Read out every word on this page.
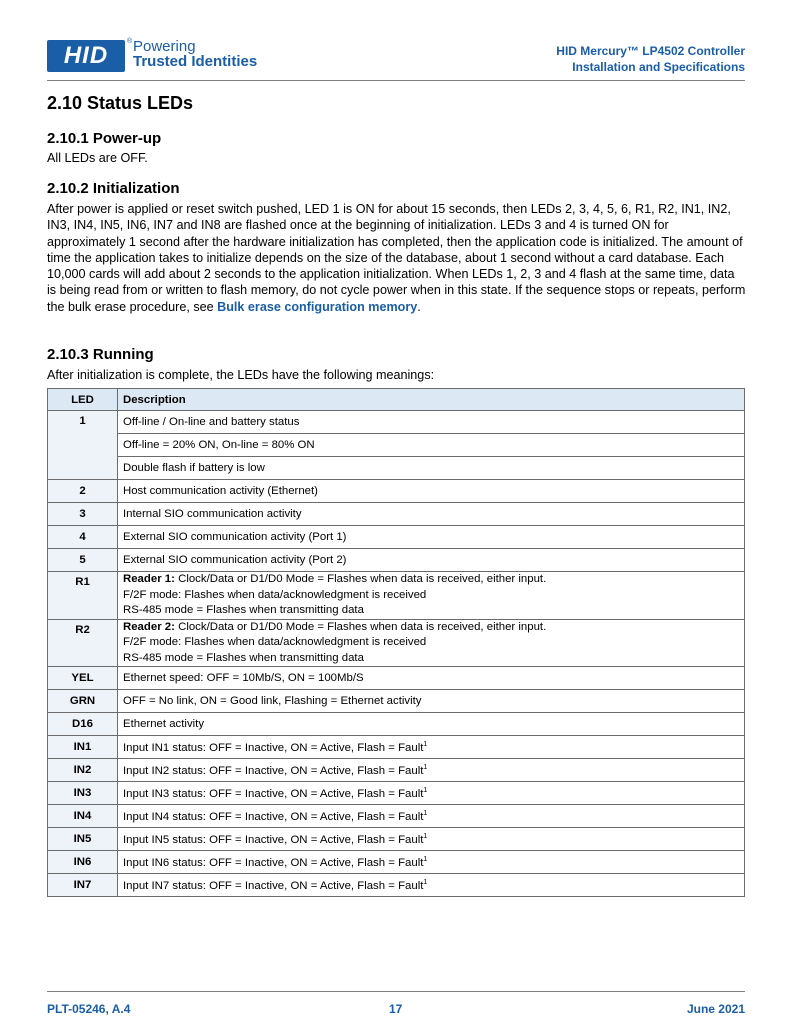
HID
® Powering
Trusted Identities
HID Mercury™ LP4502 Controller
Installation and Specifications
2.10 Status LEDs
2.10.1 Power-up

All LEDs are OFF.

2.10.2 Initialization

After power is applied or reset switch pushed, LED 1 is ON for about 15 seconds, then LEDs 2, 3, 4, 5, 6, R1, R2, IN1, IN2, IN3, IN4, IN5, IN6, IN7 and IN8 are flashed once at the beginning of initialization. LEDs 3 and 4 is turned ON for approximately 1 second after the hardware initialization has completed, then the application code is initialized. The amount of time the application takes to initialize depends on the size of the database, about 1 second without a card database. Each 10,000 cards will add about 2 seconds to the application initialization. When LEDs 1, 2, 3 and 4 flash at the same time, data is being read from or written to flash memory, do not cycle power when in this state. If the sequence stops or repeats, perform the bulk erase procedure, see Bulk erase configuration memory.

2.10.3 Running

After initialization is complete, the LEDs have the following meanings:

LED	Description
1	Off-line / On-line and battery status
	Off-line = 20% ON, On-line = 80% ON
	Double flash if battery is low
2	Host communication activity (Ethernet)
3	Internal SIO communication activity
4	External SIO communication activity (Port 1)
5	External SIO communication activity (Port 2)
R1	Reader 1: Clock/Data or D1/D0 Mode = Flashes when data is received, either input.
F/2F mode: Flashes when data/acknowledgment is received
RS-485 mode = Flashes when transmitting data
R2	Reader 2: Clock/Data or D1/D0 Mode = Flashes when data is received, either input.
F/2F mode: Flashes when data/acknowledgment is received
RS-485 mode = Flashes when transmitting data
YEL	Ethernet speed: OFF = 10Mb/S, ON = 100Mb/S
GRN	OFF = No link, ON = Good link, Flashing = Ethernet activity
D16	Ethernet activity
IN1	Input IN1 status: OFF = Inactive, ON = Active, Flash = Fault$^1$
IN2	Input IN2 status: OFF = Inactive, ON = Active, Flash = Fault$^1$
IN3	Input IN3 status: OFF = Inactive, ON = Active, Flash = Fault$^1$
IN4	Input IN4 status: OFF = Inactive, ON = Active, Flash = Fault$^1$
IN5	Input IN5 status: OFF = Inactive, ON = Active, Flash = Fault$^1$
IN6	Input IN6 status: OFF = Inactive, ON = Active, Flash = Fault$^1$
IN7	Input IN7 status: OFF = Inactive, ON = Active, Flash = Fault$^1$
PLT-05246, A.4	17	June 2021
